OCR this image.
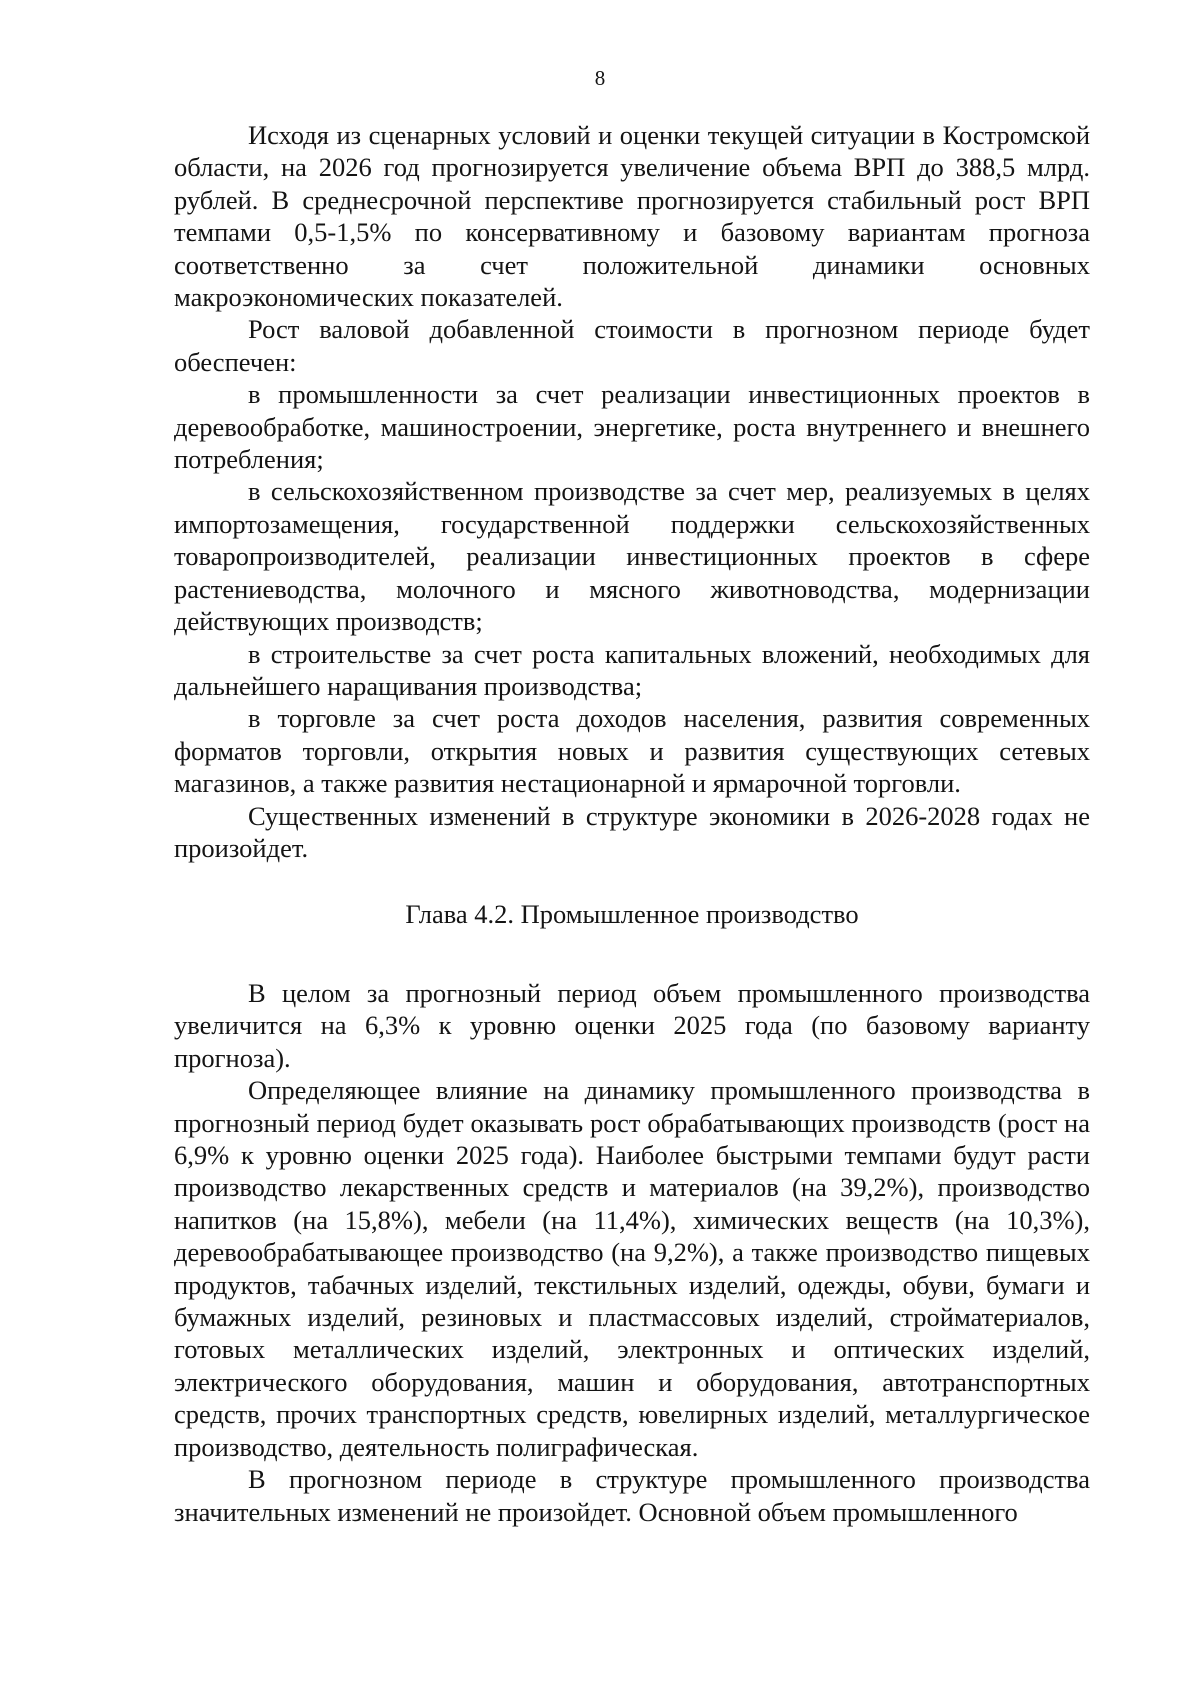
8

Исходя из сценарных условий и оценки текущей ситуации в Костромской области, на 2026 год прогнозируется увеличение объема ВРП до 388,5 млрд. рублей. В среднесрочной перспективе прогнозируется стабильный рост ВРП темпами 0,5-1,5% по консервативному и базовому вариантам прогноза соответственно за счет положительной динамики основных макроэкономических показателей.

Рост валовой добавленной стоимости в прогнозном периоде будет обеспечен:

в промышленности за счет реализации инвестиционных проектов в деревообработке, машиностроении, энергетике, роста внутреннего и внешнего потребления;

в сельскохозяйственном производстве за счет мер, реализуемых в целях импортозамещения, государственной поддержки сельскохозяйственных товаропроизводителей, реализации инвестиционных проектов в сфере растениеводства, молочного и мясного животноводства, модернизации действующих производств;

в строительстве за счет роста капитальных вложений, необходимых для дальнейшего наращивания производства;

в торговле за счет роста доходов населения, развития современных форматов торговли, открытия новых и развития существующих сетевых магазинов, а также развития нестационарной и ярмарочной торговли.

Существенных изменений в структуре экономики в 2026-2028 годах не произойдет.

Глава 4.2. Промышленное производство

В целом за прогнозный период объем промышленного производства увеличится на 6,3% к уровню оценки 2025 года (по базовому варианту прогноза).

Определяющее влияние на динамику промышленного производства в прогнозный период будет оказывать рост обрабатывающих производств (рост на 6,9% к уровню оценки 2025 года). Наиболее быстрыми темпами будут расти производство лекарственных средств и материалов (на 39,2%), производство напитков (на 15,8%), мебели (на 11,4%), химических веществ (на 10,3%), деревообрабатывающее производство (на 9,2%), а также производство пищевых продуктов, табачных изделий, текстильных изделий, одежды, обуви, бумаги и бумажных изделий, резиновых и пластмассовых изделий, стройматериалов, готовых металлических изделий, электронных и оптических изделий, электрического оборудования, машин и оборудования, автотранспортных средств, прочих транспортных средств, ювелирных изделий, металлургическое производство, деятельность полиграфическая.

В прогнозном периоде в структуре промышленного производства значительных изменений не произойдет. Основной объем промышленного
